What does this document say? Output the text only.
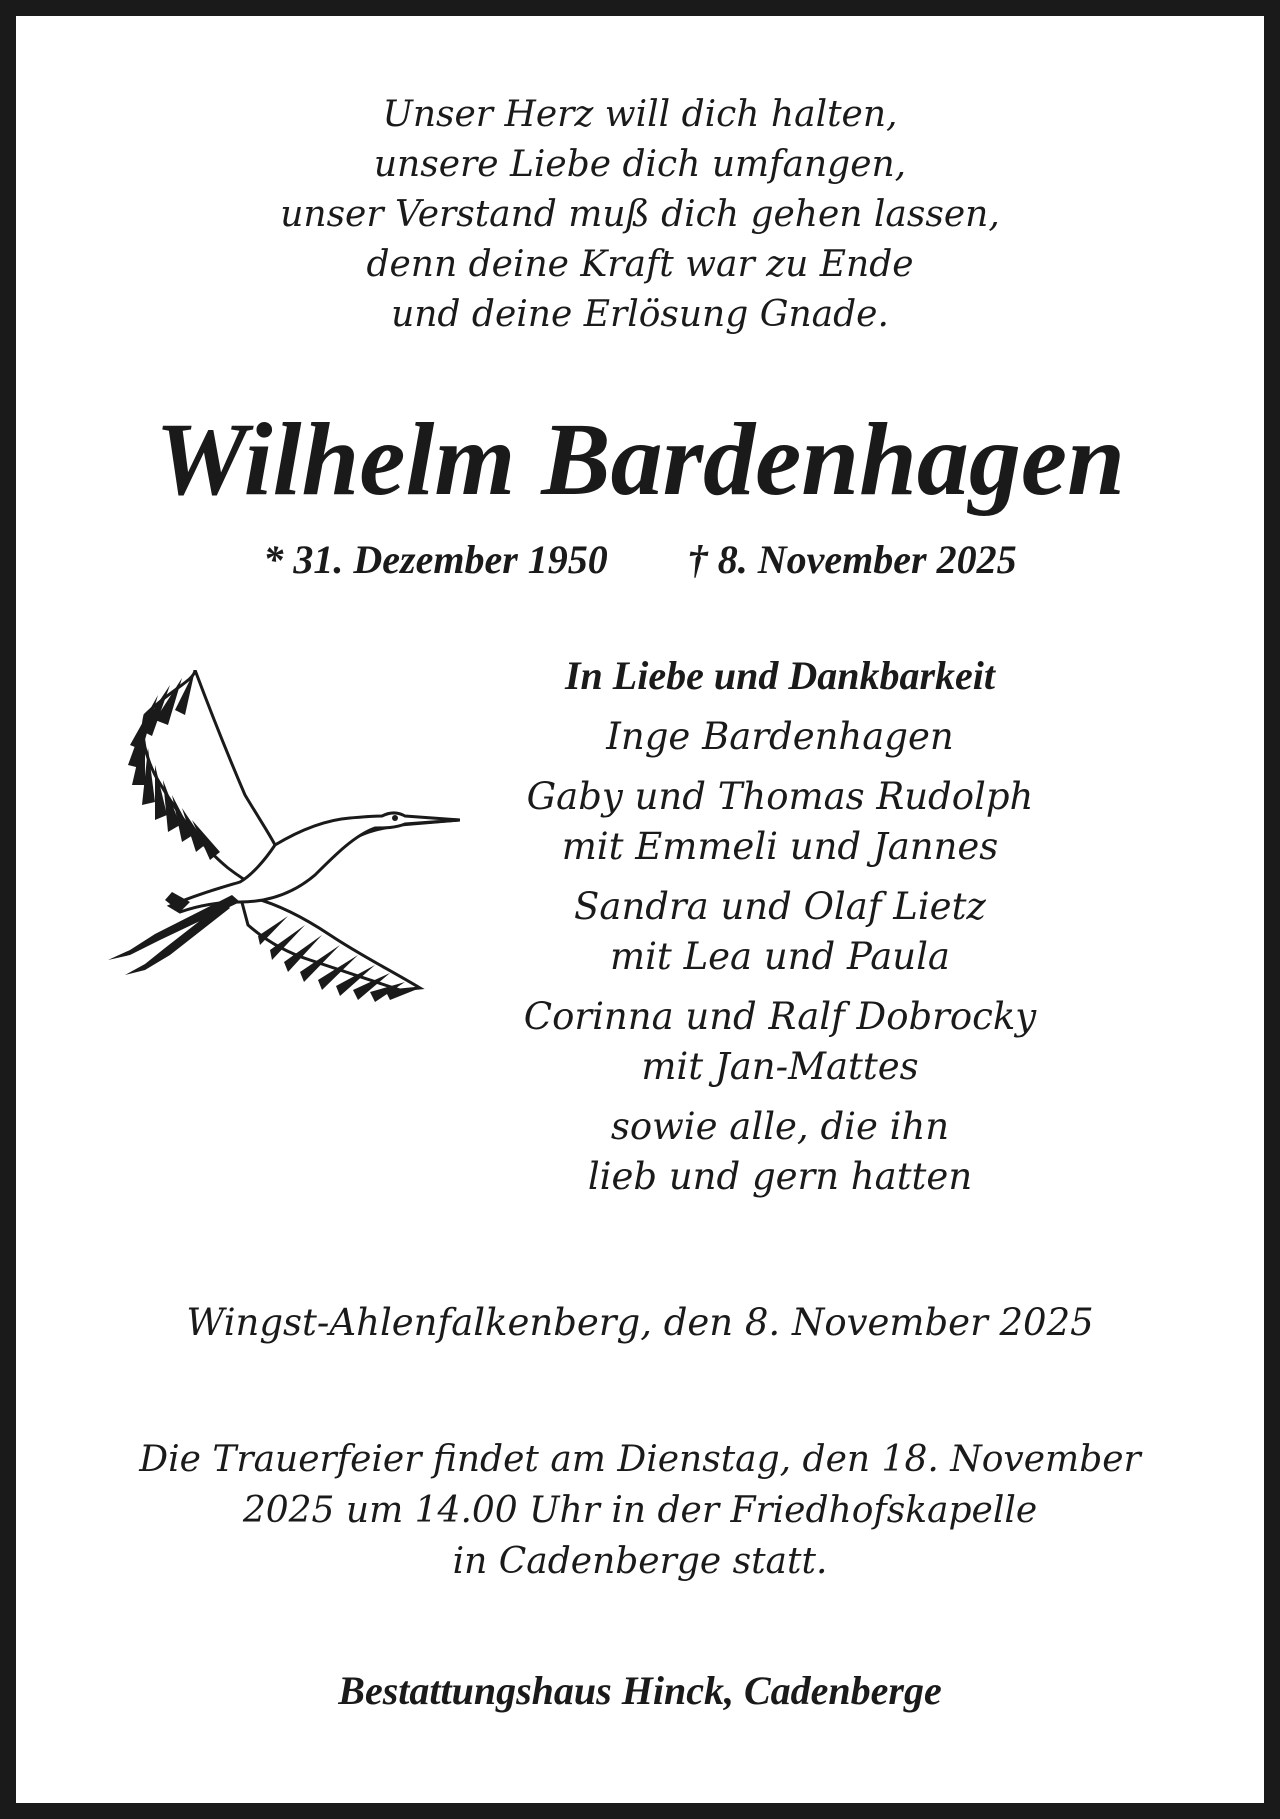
Unser Herz will dich halten,
unsere Liebe dich umfangen,
unser Verstand muß dich gehen lassen,
denn deine Kraft war zu Ende
und deine Erlösung Gnade.
Wilhelm Bardenhagen
* 31. Dezember 1950 † 8. November 2025
In Liebe und Dankbarkeit
Inge Bardenhagen
Gaby und Thomas Rudolph
mit Emmeli und Jannes
Sandra und Olaf Lietz
mit Lea und Paula
Corinna und Ralf Dobrocky
mit Jan-Mattes
sowie alle, die ihn
lieb und gern hatten
Wingst-Ahlenfalkenberg, den 8. November 2025
Die Trauerfeier findet am Dienstag, den 18. November
2025 um 14.00 Uhr in der Friedhofskapelle
in Cadenberge statt.
Bestattungshaus Hinck, Cadenberge
